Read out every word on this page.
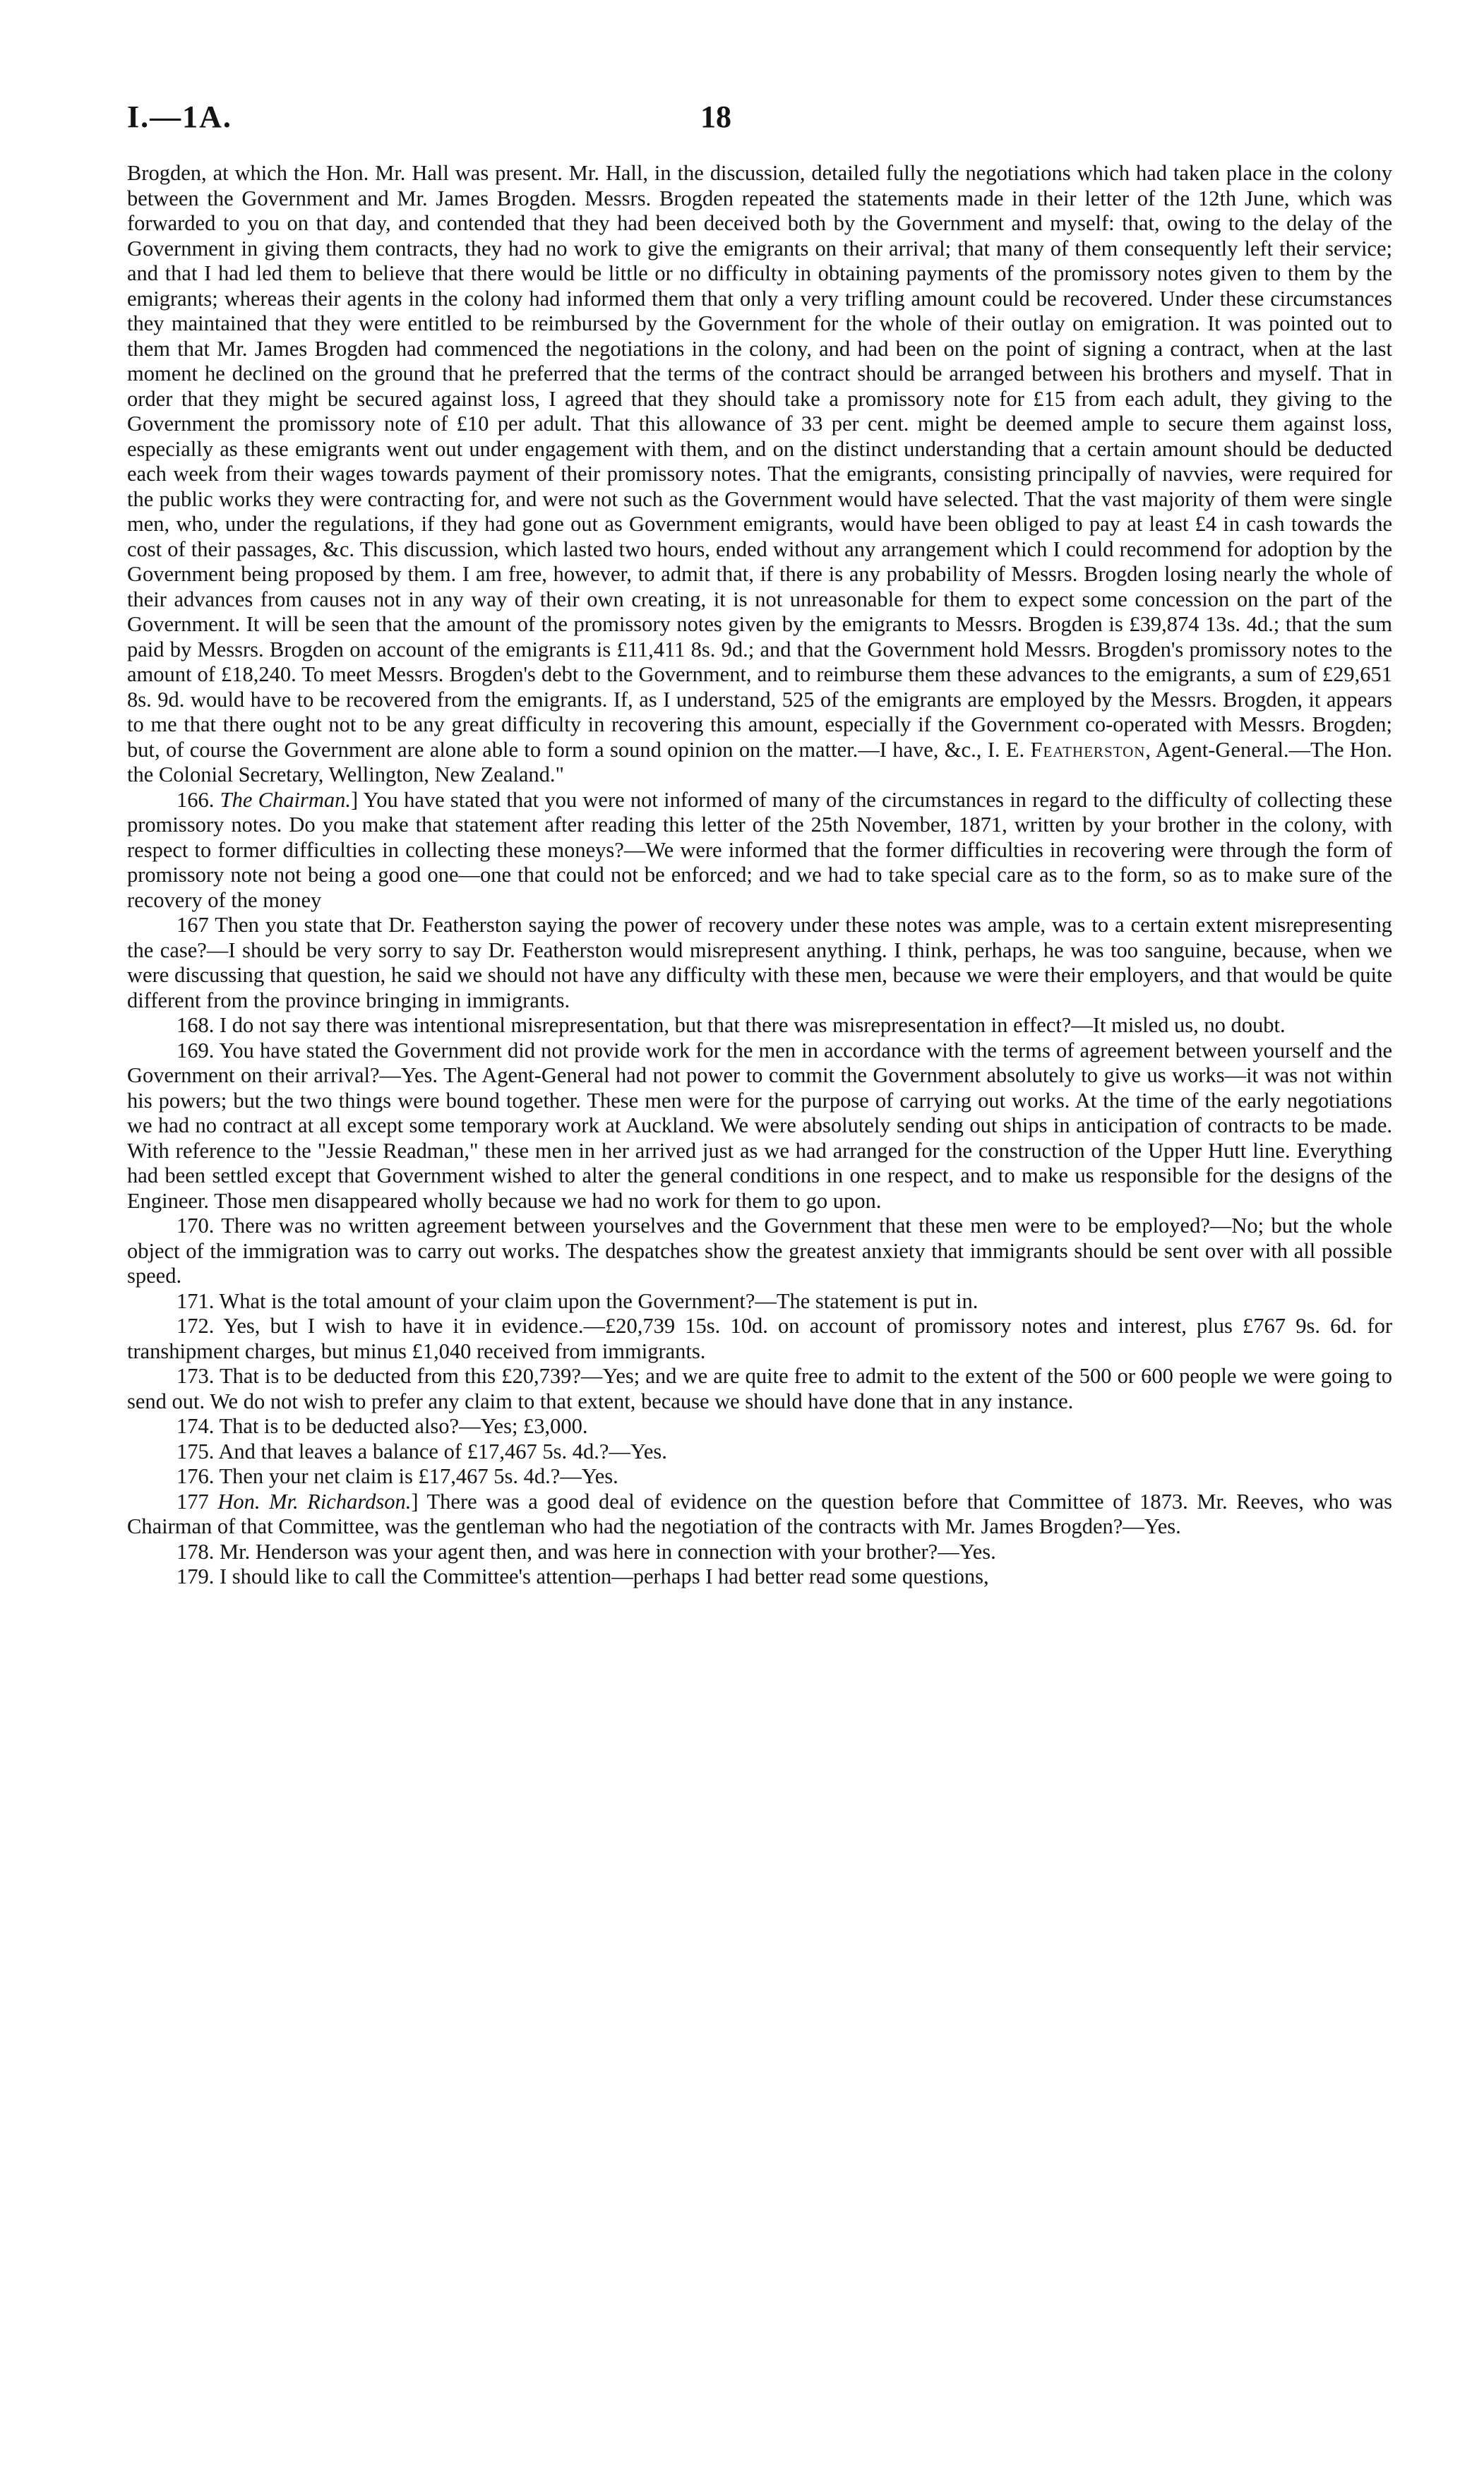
I.—1A.	18

Brogden, at which the Hon. Mr. Hall was present. Mr. Hall, in the discussion, detailed fully the negotiations which had taken place in the colony between the Government and Mr. James Brogden. Messrs. Brogden repeated the statements made in their letter of the 12th June, which was forwarded to you on that day, and contended that they had been deceived both by the Government and myself: that, owing to the delay of the Government in giving them contracts, they had no work to give the emigrants on their arrival; that many of them consequently left their service; and that I had led them to believe that there would be little or no difficulty in obtaining payments of the promissory notes given to them by the emigrants; whereas their agents in the colony had informed them that only a very trifling amount could be recovered. Under these circumstances they maintained that they were entitled to be reimbursed by the Government for the whole of their outlay on emigration. It was pointed out to them that Mr. James Brogden had commenced the negotiations in the colony, and had been on the point of signing a contract, when at the last moment he declined on the ground that he preferred that the terms of the contract should be arranged between his brothers and myself. That in order that they might be secured against loss, I agreed that they should take a promissory note for £15 from each adult, they giving to the Government the promissory note of £10 per adult. That this allowance of 33 per cent. might be deemed ample to secure them against loss, especially as these emigrants went out under engagement with them, and on the distinct understanding that a certain amount should be deducted each week from their wages towards payment of their promissory notes. That the emigrants, consisting principally of navvies, were required for the public works they were contracting for, and were not such as the Government would have selected. That the vast majority of them were single men, who, under the regulations, if they had gone out as Government emigrants, would have been obliged to pay at least £4 in cash towards the cost of their passages, &c. This discussion, which lasted two hours, ended without any arrangement which I could recommend for adoption by the Government being proposed by them. I am free, however, to admit that, if there is any probability of Messrs. Brogden losing nearly the whole of their advances from causes not in any way of their own creating, it is not unreasonable for them to expect some concession on the part of the Government. It will be seen that the amount of the promissory notes given by the emigrants to Messrs. Brogden is £39,874 13s. 4d.; that the sum paid by Messrs. Brogden on account of the emigrants is £11,411 8s. 9d.; and that the Government hold Messrs. Brogden's promissory notes to the amount of £18,240. To meet Messrs. Brogden's debt to the Government, and to reimburse them these advances to the emigrants, a sum of £29,651 8s. 9d. would have to be recovered from the emigrants. If, as I understand, 525 of the emigrants are employed by the Messrs. Brogden, it appears to me that there ought not to be any great difficulty in recovering this amount, especially if the Government co-operated with Messrs. Brogden; but, of course the Government are alone able to form a sound opinion on the matter.—I have, &c., I. E. Featherston, Agent-General.—The Hon. the Colonial Secretary, Wellington, New Zealand."

166. The Chairman.] You have stated that you were not informed of many of the circumstances in regard to the difficulty of collecting these promissory notes. Do you make that statement after reading this letter of the 25th November, 1871, written by your brother in the colony, with respect to former difficulties in collecting these moneys?—We were informed that the former difficulties in recovering were through the form of promissory note not being a good one—one that could not be enforced; and we had to take special care as to the form, so as to make sure of the recovery of the money

167 Then you state that Dr. Featherston saying the power of recovery under these notes was ample, was to a certain extent misrepresenting the case?—I should be very sorry to say Dr. Featherston would misrepresent anything. I think, perhaps, he was too sanguine, because, when we were discussing that question, he said we should not have any difficulty with these men, because we were their employers, and that would be quite different from the province bringing in immigrants.

168. I do not say there was intentional misrepresentation, but that there was misrepresentation in effect?—It misled us, no doubt.

169. You have stated the Government did not provide work for the men in accordance with the terms of agreement between yourself and the Government on their arrival?—Yes. The Agent-General had not power to commit the Government absolutely to give us works—it was not within his powers; but the two things were bound together. These men were for the purpose of carrying out works. At the time of the early negotiations we had no contract at all except some temporary work at Auckland. We were absolutely sending out ships in anticipation of contracts to be made. With reference to the "Jessie Readman," these men in her arrived just as we had arranged for the construction of the Upper Hutt line. Everything had been settled except that Government wished to alter the general conditions in one respect, and to make us responsible for the designs of the Engineer. Those men disappeared wholly because we had no work for them to go upon.

170. There was no written agreement between yourselves and the Government that these men were to be employed?—No; but the whole object of the immigration was to carry out works. The despatches show the greatest anxiety that immigrants should be sent over with all possible speed.

171. What is the total amount of your claim upon the Government?—The statement is put in.

172. Yes, but I wish to have it in evidence.—£20,739 15s. 10d. on account of promissory notes and interest, plus £767 9s. 6d. for transhipment charges, but minus £1,040 received from immigrants.

173. That is to be deducted from this £20,739?—Yes; and we are quite free to admit to the extent of the 500 or 600 people we were going to send out. We do not wish to prefer any claim to that extent, because we should have done that in any instance.

174. That is to be deducted also?—Yes; £3,000.

175. And that leaves a balance of £17,467 5s. 4d.?—Yes.

176. Then your net claim is £17,467 5s. 4d.?—Yes.

177 Hon. Mr. Richardson.] There was a good deal of evidence on the question before that Committee of 1873. Mr. Reeves, who was Chairman of that Committee, was the gentleman who had the negotiation of the contracts with Mr. James Brogden?—Yes.

178. Mr. Henderson was your agent then, and was here in connection with your brother?—Yes.

179. I should like to call the Committee's attention—perhaps I had better read some questions,
